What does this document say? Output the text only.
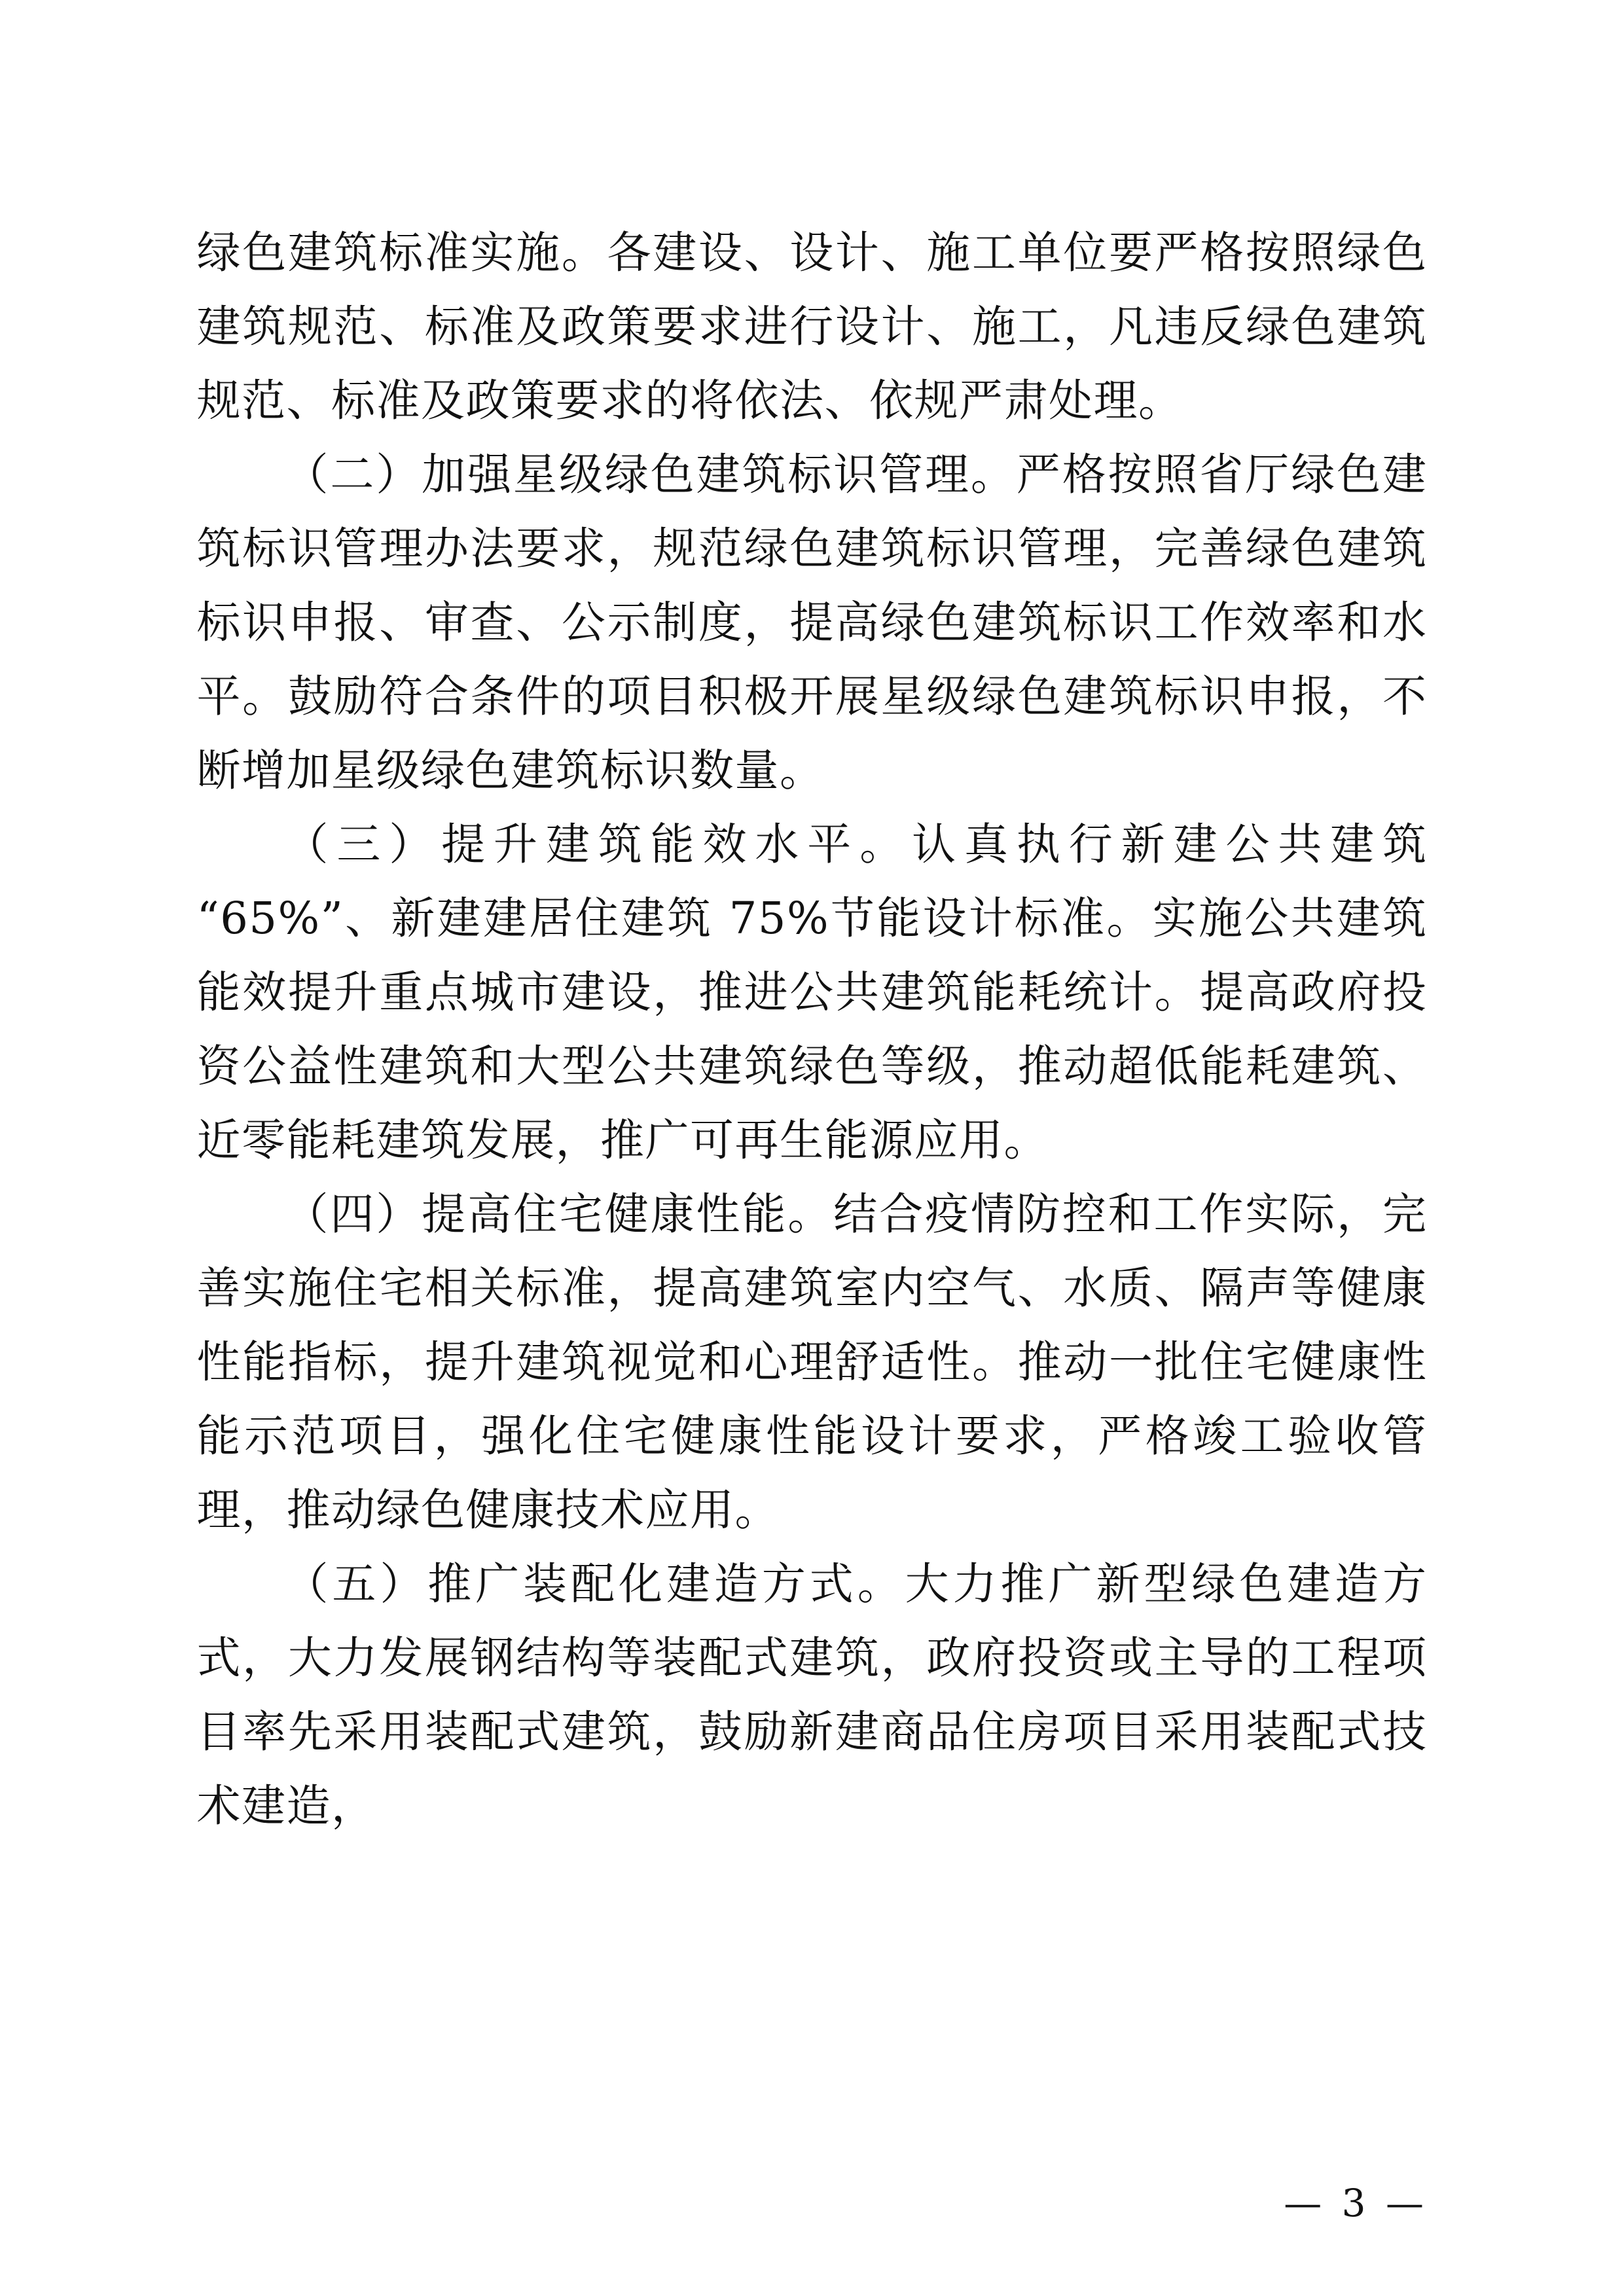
绿色建筑标准实施。各建设、设计、施工单位要严格按照绿色建筑规范、标准及政策要求进行设计、施工，凡违反绿色建筑规范、标准及政策要求的将依法、依规严肃处理。

（二）加强星级绿色建筑标识管理。严格按照省厅绿色建筑标识管理办法要求，规范绿色建筑标识管理，完善绿色建筑标识申报、审查、公示制度，提高绿色建筑标识工作效率和水平。鼓励符合条件的项目积极开展星级绿色建筑标识申报，不断增加星级绿色建筑标识数量。

（三）提升建筑能效水平。认真执行新建公共建筑 “65%”、新建建居住建筑 75%节能设计标准。实施公共建筑能效提升重点城市建设，推进公共建筑能耗统计。提高政府投资公益性建筑和大型公共建筑绿色等级，推动超低能耗建筑、近零能耗建筑发展，推广可再生能源应用。

（四）提高住宅健康性能。结合疫情防控和工作实际，完善实施住宅相关标准，提高建筑室内空气、水质、隔声等健康性能指标，提升建筑视觉和心理舒适性。推动一批住宅健康性能示范项目，强化住宅健康性能设计要求，严格竣工验收管理，推动绿色健康技术应用。

（五）推广装配化建造方式。大力推广新型绿色建造方式，大力发展钢结构等装配式建筑，政府投资或主导的工程项目率先采用装配式建筑，鼓励新建商品住房项目采用装配式技术建造，

— 3 —
